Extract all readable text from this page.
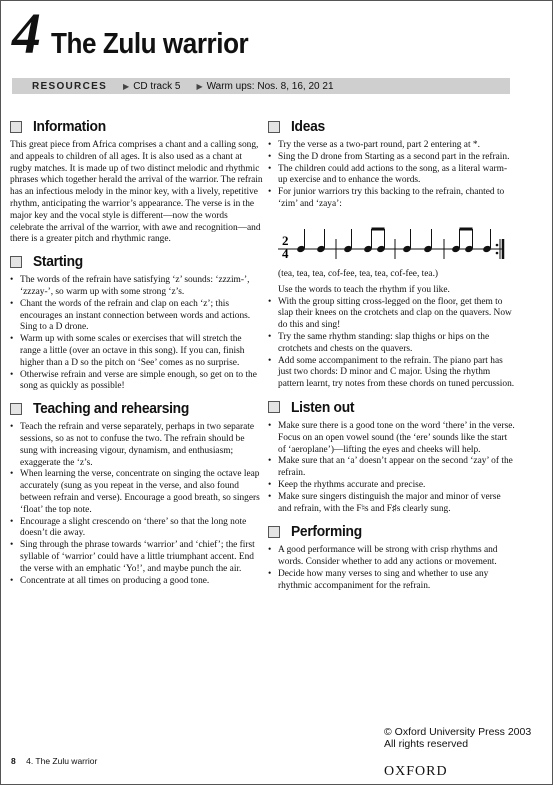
4 The Zulu warrior
RESOURCES ▶ CD track 5 ▶ Warm ups: Nos. 8, 16, 20 21
Information

This great piece from Africa comprises a chant and a calling song, and appeals to children of all ages. It is also used as a chant at rugby matches. It is made up of two distinct melodic and rhythmic phrases which together herald the arrival of the warrior. The refrain has an infectious melody in the minor key, with a lively, repetitive rhythm, anticipating the warrior’s appearance. The verse is in the major key and the vocal style is different—now the words celebrate the arrival of the warrior, with awe and recognition—and there is a greater pitch and rhythmic range.

Starting
• The words of the refrain have satisfying ‘z’ sounds: ‘zzzim-’, ‘zzzay-’, so warm up with some strong ‘z’s.
• Chant the words of the refrain and clap on each ‘z’; this encourages an instant connection between words and actions. Sing to a D drone.
• Warm up with some scales or exercises that will stretch the range a little (over an octave in this song). If you can, finish higher than a D so the pitch on ‘See’ comes as no surprise.
• Otherwise refrain and verse are simple enough, so get on to the song as quickly as possible!
Teaching and rehearsing
• Teach the refrain and verse separately, perhaps in two separate sessions, so as not to confuse the two. The refrain should be sung with increasing vigour, dynamism, and enthusiasm; exaggerate the ‘z’s.
• When learning the verse, concentrate on singing the octave leap accurately (sung as you repeat in the verse, and also found between refrain and verse). Encourage a good breath, so singers ‘float’ the top note.
• Encourage a slight crescendo on ‘there’ so that the long note doesn’t die away.
• Sing through the phrase towards ‘warrior’ and ‘chief’; the first syllable of ‘warrior’ could have a little triumphant accent. End the verse with an emphatic ‘Yo!’, and maybe punch the air.
• Concentrate at all times on producing a good tone.
Ideas
• Try the verse as a two-part round, part 2 entering at *.
• Sing the D drone from Starting as a second part in the refrain.
• The children could add actions to the song, as a literal warm-up exercise and to enhance the words.
• For junior warriors try this backing to the refrain, chanted to ‘zim’ and ‘zaya’:
2
4
(tea, tea, tea, cof-fee, tea, tea, cof-fee, tea.)

Use the words to teach the rhythm if you like.

• With the group sitting cross-legged on the floor, get them to slap their knees on the crotchets and clap on the quavers. Now do this and sing!
• Try the same rhythm standing: slap thighs or hips on the crotchets and chests on the quavers.
• Add some accompaniment to the refrain. The piano part has just two chords: D minor and C major. Using the rhythm pattern learnt, try notes from these chords on tuned percussion.
Listen out
• Make sure there is a good tone on the word ‘there’ in the verse. Focus on an open vowel sound (the ‘ere’ sounds like the start of ‘aeroplane’)—lifting the eyes and cheeks will help.
• Make sure that an ‘a’ doesn’t appear on the second ‘zay’ of the refrain.
• Keep the rhythms accurate and precise.
• Make sure singers distinguish the major and minor of verse and refrain, with the F♮s and F♯s clearly sung.
Performing
• A good performance will be strong with crisp rhythms and words. Consider whether to add any actions or movement.
• Decide how many verses to sing and whether to use any rhythmic accompaniment for the refrain.
© Oxford University Press 2003
All rights reserved
8 4. The Zulu warrior
OXFORD
